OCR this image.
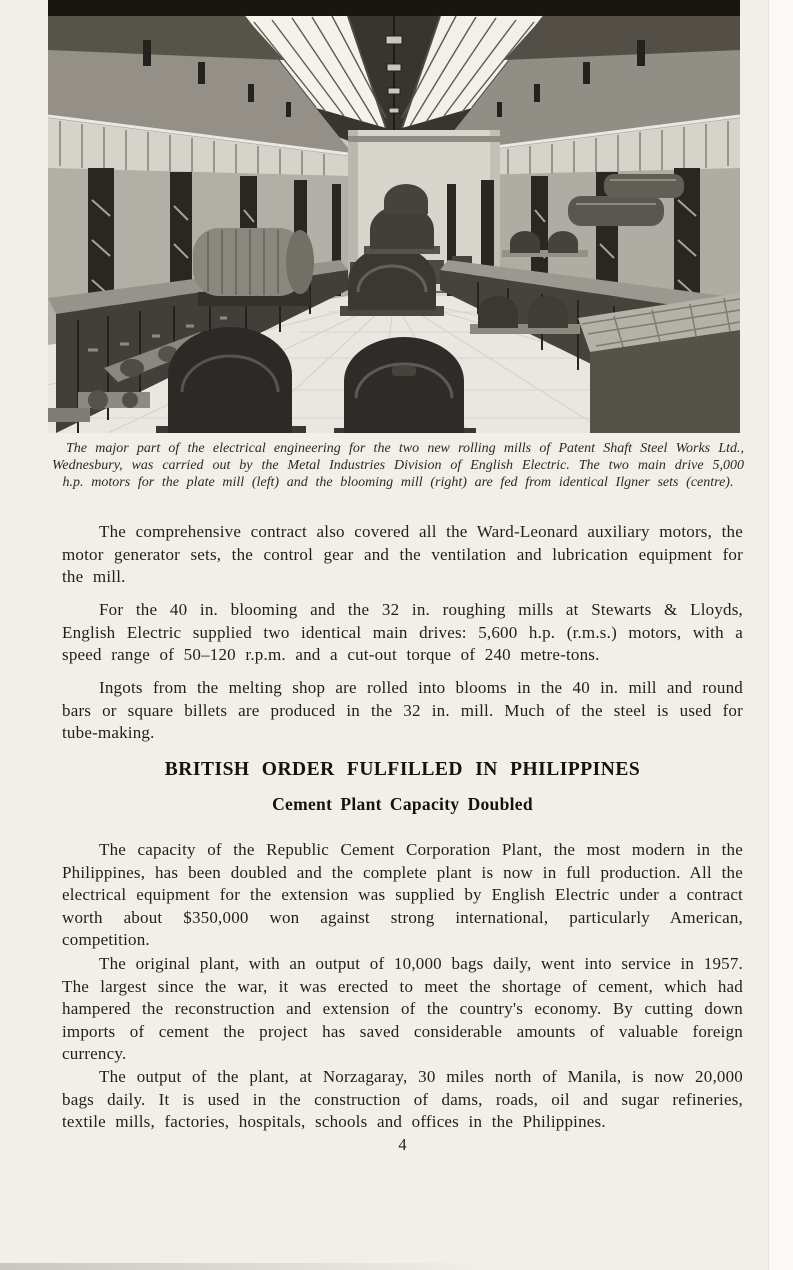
The major part of the electrical engineering for the two new rolling mills of Patent Shaft Steel Works Ltd., Wednesbury, was carried out by the Metal Industries Division of English Electric. The two main drive 5,000 h.p. motors for the plate mill (left) and the blooming mill (right) are fed from identical Ilgner sets (centre).

The comprehensive contract also covered all the Ward-Leonard auxiliary motors, the motor generator sets, the control gear and the ventilation and lubrication equipment for the mill.

For the 40 in. blooming and the 32 in. roughing mills at Stewarts & Lloyds, English Electric supplied two identical main drives: 5,600 h.p. (r.m.s.) motors, with a speed range of 50–120 r.p.m. and a cut-out torque of 240 metre-tons.

Ingots from the melting shop are rolled into blooms in the 40 in. mill and round bars or square billets are produced in the 32 in. mill. Much of the steel is used for tube-making.

BRITISH ORDER FULFILLED IN PHILIPPINES
Cement Plant Capacity Doubled

The capacity of the Republic Cement Corporation Plant, the most modern in the Philippines, has been doubled and the complete plant is now in full production. All the electrical equipment for the extension was supplied by English Electric under a contract worth about $350,000 won against strong international, particularly American, competition.

The original plant, with an output of 10,000 bags daily, went into service in 1957. The largest since the war, it was erected to meet the shortage of cement, which had hampered the reconstruction and extension of the country's economy. By cutting down imports of cement the project has saved considerable amounts of valuable foreign currency.

The output of the plant, at Norzagaray, 30 miles north of Manila, is now 20,000 bags daily. It is used in the construction of dams, roads, oil and sugar refineries, textile mills, factories, hospitals, schools and offices in the Philippines.

4
